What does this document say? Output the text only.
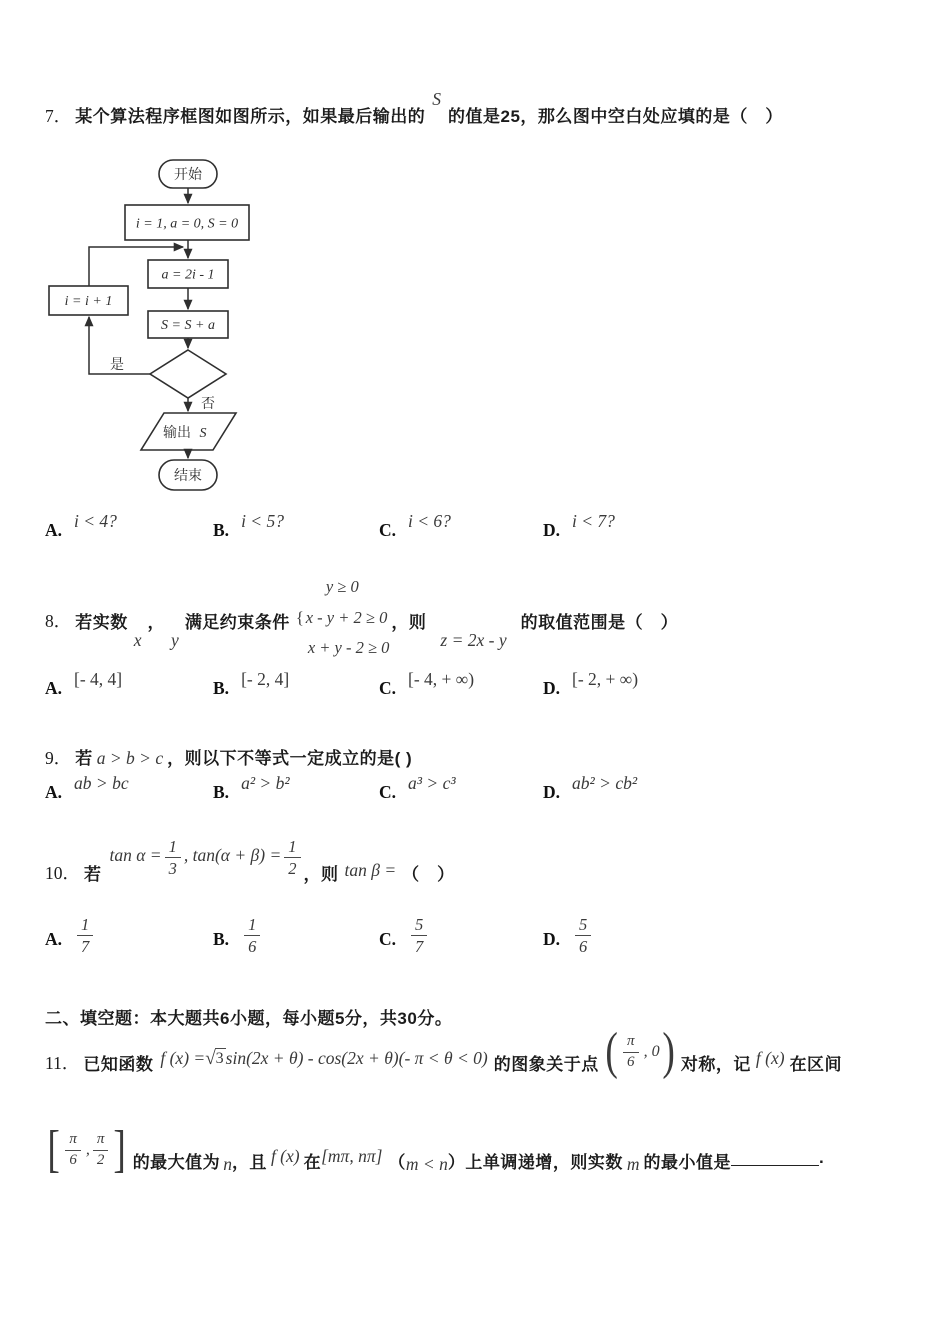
7． 某个算法程序框图如图所示，如果最后输出的S的值是25，那么图中空白处应填的是（　）
开始
i = 1, a = 0, S = 0
a = 2i - 1
i = i + 1
S = S + a
是
否
输出 S
结束
A. i < 4?	B. i < 5?	C. i < 6?	D. i < 7?
8． 若实数
x
，
y
满足约束条件
y ≥ 0
{ x - y + 2 ≥ 0
x + y - 2 ≥ 0
，则
z = 2x - y
的取值范围是（　）
A. [- 4, 4]	B. [- 2, 4]	C. [- 4, + ∞)	D. [- 2, + ∞)
9． 若 a > b > c ，则以下不等式一定成立的是( )
A. ab > bc	B. a² > b²	C. a³ > c³	D. ab² > cb²
10． 若
$\tan \alpha = \frac{1}{3}$ , $\tan(\alpha + \beta) = \frac{1}{2}$ ，则 tan β = （　）
A. $\frac{1}{7}$	B. $\frac{1}{6}$	C. $\frac{5}{7}$	D. $\frac{5}{6}$
二、填空题：本大题共6小题，每小题5分，共30分。
11． 已知函数 f (x) = √ 3 sin(2x + θ) - cos(2x + θ)(- π < θ < 0) 的图象关于点 ( $\frac{\pi}{6}$ , 0 ) 对称，记 f (x) 在区间
[ $\frac{\pi}{6}$ , $\frac{\pi}{2}$ ] 的最大值为 n ，且 f (x) 在 [mπ, nπ] （ m < n ）上单调递增，则实数 m 的最小值是	.
